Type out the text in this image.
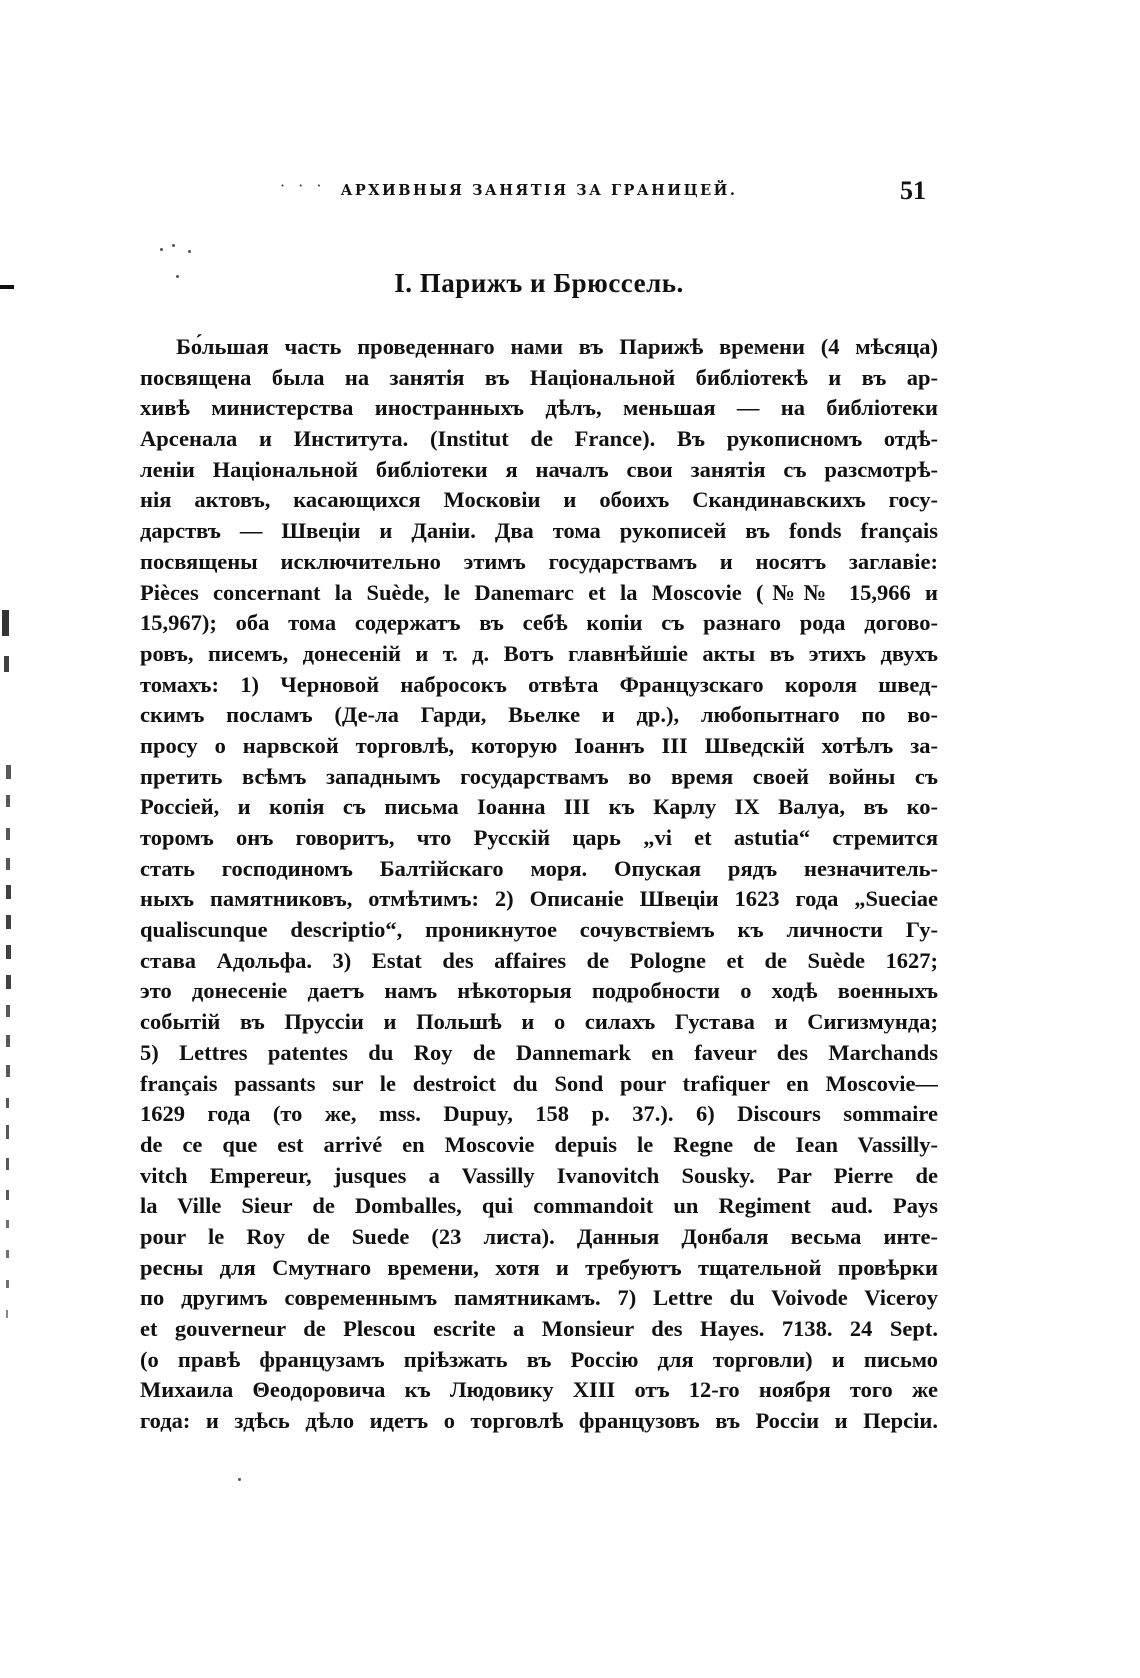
· · ·	АРХИВНЫЯ ЗАНЯТІЯ ЗА ГРАНИЦЕЙ.	51
I. Парижъ и Брюссель.
Бо́льшая часть проведеннаго нами въ Парижѣ времени (4 мѣсяца)
посвящена была на занятія въ Національной библіотекѣ и въ ар-
хивѣ министерства иностранныхъ дѣлъ, меньшая — на библіотеки
Арсенала и Института. (Institut de France). Въ рукописномъ отдѣ-
леніи Національной библіотеки я началъ свои занятія съ разсмотрѣ-
нія актовъ, касающихся Московіи и обоихъ Скандинавскихъ госу-
дарствъ — Швеціи и Даніи. Два тома рукописей въ fonds français
посвящены исключительно этимъ государствамъ и носятъ заглавіе:
Pièces concernant la Suède, le Danemarc et la Moscovie (№№ 15,966 и
15,967); оба тома содержатъ въ себѣ копіи съ разнаго рода догово-
ровъ, писемъ, донесеній и т. д. Вотъ главнѣйшіе акты въ этихъ двухъ
томахъ: 1) Черновой набросокъ отвѣта Французскаго короля швед-
скимъ посламъ (Де-ла Гарди, Вьелке и др.), любопытнаго по во-
просу о нарвской торговлѣ, которую Іоаннъ III Шведскій хотѣлъ за-
претить всѣмъ западнымъ государствамъ во время своей войны съ
Россіей, и копія съ письма Іоанна III къ Карлу IX Валуа, въ ко-
торомъ онъ говоритъ, что Русскій царь „vi et astutia“ стремится
стать господиномъ Балтійскаго моря. Опуская рядъ незначитель-
ныхъ памятниковъ, отмѣтимъ: 2) Описаніе Швеціи 1623 года „Sueciae
qualiscunque descriptio“, проникнутое сочувствіемъ къ личности Гу-
става Адольфа. 3) Estat des affaires de Pologne et de Suède 1627;
это донесеніе даетъ намъ нѣкоторыя подробности о ходѣ военныхъ
событій въ Пруссіи и Польшѣ и о силахъ Густава и Сигизмунда;
5) Lettres patentes du Roy de Dannemark en faveur des Marchands
français passants sur le destroict du Sond pour trafiquer en Moscovie—
1629 года (то же, mss. Dupuy, 158 p. 37.). 6) Discours sommaire
de ce que est arrivé en Moscovie depuis le Regne de Iean Vassilly-
vitch Empereur, jusques a Vassilly Ivanovitch Sousky. Par Pierre de
la Ville Sieur de Domballes, qui commandoit un Regiment aud. Pays
pour le Roy de Suede (23 листа). Данныя Донбаля весьма инте-
ресны для Смутнаго времени, хотя и требуютъ тщательной провѣрки
по другимъ современнымъ памятникамъ. 7) Lettre du Voivode Viceroy
et gouverneur de Plescou escrite a Monsieur des Hayes. 7138. 24 Sept.
(о правѣ французамъ пріѣзжать въ Россію для торговли) и письмо
Михаила Θеодоровича къ Людовику XIII отъ 12-го ноября того же
года: и здѣсь дѣло идетъ о торговлѣ французовъ въ Россіи и Персіи.
